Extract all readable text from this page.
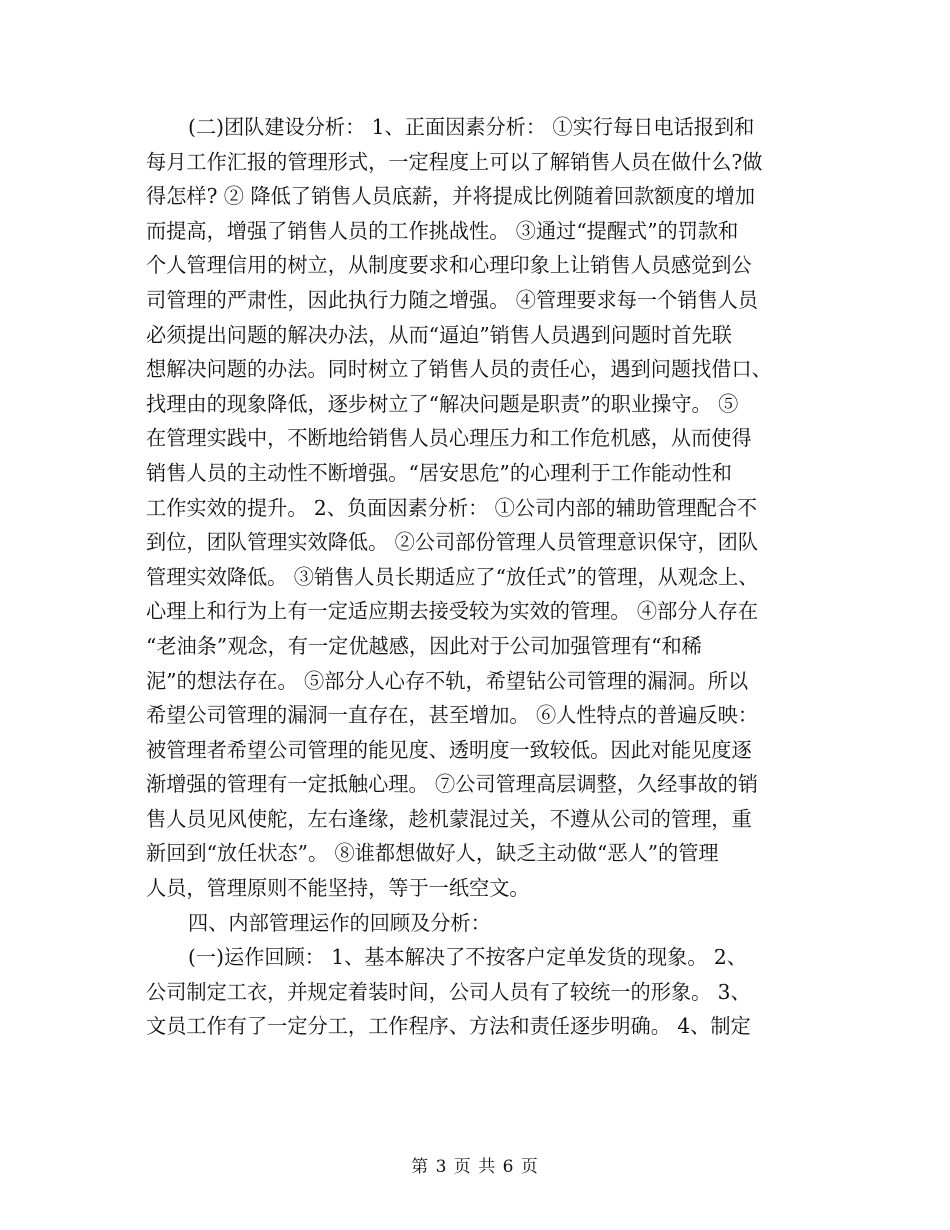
(二)团队建设分析： 1、正面因素分析： ①实行每日电话报到和
每月工作汇报的管理形式，一定程度上可以了解销售人员在做什么?做
得怎样? ② 降低了销售人员底薪，并将提成比例随着回款额度的增加
而提高，增强了销售人员的工作挑战性。 ③通过“提醒式”的罚款和
个人管理信用的树立，从制度要求和心理印象上让销售人员感觉到公
司管理的严肃性，因此执行力随之增强。 ④管理要求每一个销售人员
必须提出问题的解决办法，从而“逼迫”销售人员遇到问题时首先联
想解决问题的办法。同时树立了销售人员的责任心，遇到问题找借口、
找理由的现象降低，逐步树立了“解决问题是职责”的职业操守。 ⑤
在管理实践中，不断地给销售人员心理压力和工作危机感，从而使得
销售人员的主动性不断增强。“居安思危”的心理利于工作能动性和
工作实效的提升。 2、负面因素分析： ①公司内部的辅助管理配合不
到位，团队管理实效降低。 ②公司部份管理人员管理意识保守，团队
管理实效降低。 ③销售人员长期适应了“放任式”的管理，从观念上、
心理上和行为上有一定适应期去接受较为实效的管理。 ④部分人存在
“老油条”观念，有一定优越感，因此对于公司加强管理有“和稀
泥”的想法存在。 ⑤部分人心存不轨，希望钻公司管理的漏洞。所以
希望公司管理的漏洞一直存在，甚至增加。 ⑥人性特点的普遍反映：
被管理者希望公司管理的能见度、透明度一致较低。因此对能见度逐
渐增强的管理有一定抵触心理。 ⑦公司管理高层调整，久经事故的销
售人员见风使舵，左右逢缘，趁机蒙混过关，不遵从公司的管理，重
新回到“放任状态”。 ⑧谁都想做好人，缺乏主动做“恶人”的管理
人员，管理原则不能坚持，等于一纸空文。
四、内部管理运作的回顾及分析：
(一)运作回顾： 1、基本解决了不按客户定单发货的现象。 2、
公司制定工衣，并规定着装时间，公司人员有了较统一的形象。 3、
文员工作有了一定分工，工作程序、方法和责任逐步明确。 4、制定
第 3 页 共 6 页
